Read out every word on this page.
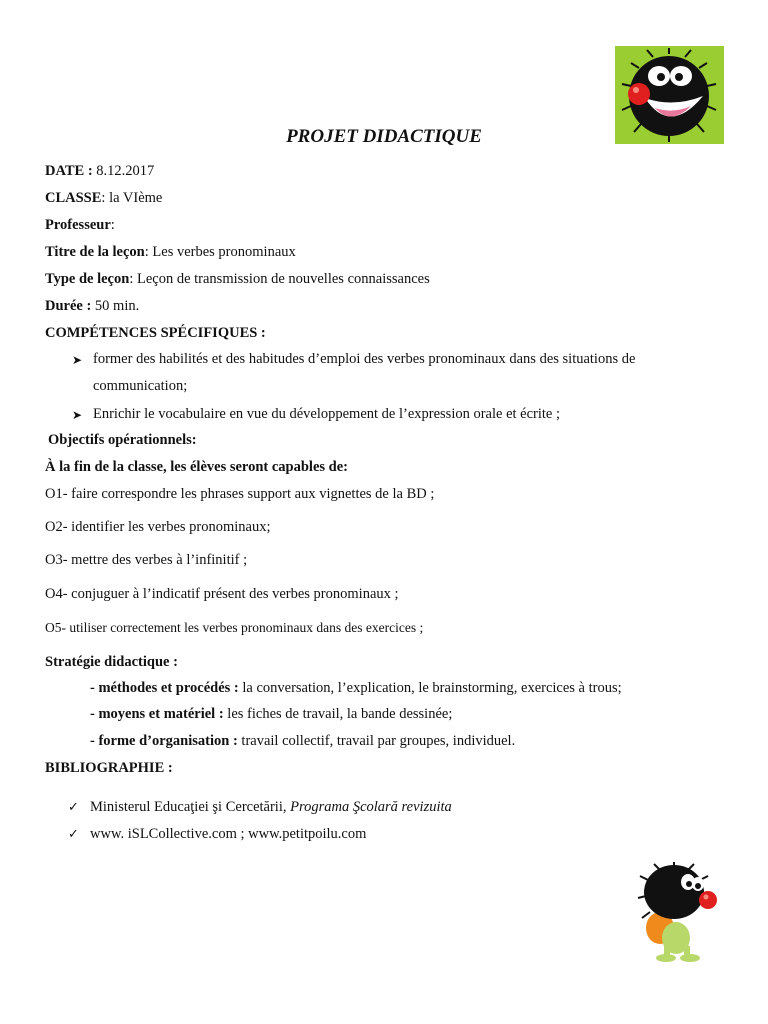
PROJET DIDACTIQUE
DATE : 8.12.2017
CLASSE: la VIème
Professeur:
Titre de la leçon: Les verbes pronominaux
Type de leçon: Leçon de transmission de nouvelles connaissances
Durée : 50 min.
COMPÉTENCES SPÉCIFIQUES :
➤ former des habilités et des habitudes d’emploi des verbes pronominaux dans des situations de
communication;
➤ Enrichir le vocabulaire en vue du développement de l’expression orale et écrite ;
Objectifs opérationnels:
À la fin de la classe, les élèves seront capables de:
O1- faire correspondre les phrases support aux vignettes de la BD ;
O2- identifier les verbes pronominaux;
O3- mettre des verbes à l’infinitif ;
O4- conjuguer à l’indicatif présent des verbes pronominaux ;
O5- utiliser correctement les verbes pronominaux dans des exercices ;
Stratégie didactique :
- méthodes et procédés : la conversation, l’explication, le brainstorming, exercices à trous;
- moyens et matériel : les fiches de travail, la bande dessinée;
- forme d’organisation : travail collectif, travail par groupes, individuel.
BIBLIOGRAPHIE :
✓ Ministerul Educaţiei şi Cercetării, Programa Şcolară revizuita
✓ www. iSLCollective.com ; www.petitpoilu.com
